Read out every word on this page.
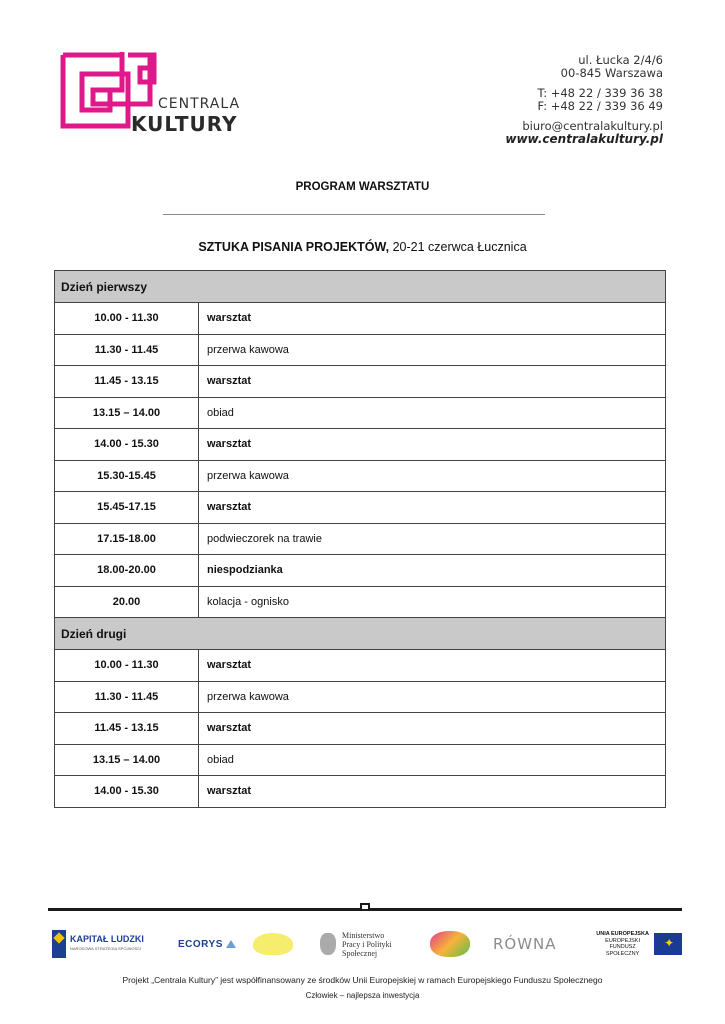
CENTRALA
KULTURY
ul. Łucka 2/4/6
00-845 Warszawa
T: +48 22 / 339 36 38
F: +48 22 / 339 36 49
biuro@centralakultury.pl
www.centralakultury.pl
PROGRAM WARSZTATU
SZTUKA PISANIA PROJEKTÓW, 20-21 czerwca Łucznica
Dzień pierwszy	
10.00 - 11.30	warsztat
11.30 - 11.45	przerwa kawowa
11.45 - 13.15	warsztat
13.15 – 14.00	obiad
14.00 - 15.30	warsztat
15.30-15.45	przerwa kawowa
15.45-17.15	warsztat
17.15-18.00	podwieczorek na trawie
18.00-20.00	niespodzianka
20.00	kolacja - ognisko
Dzień drugi	
10.00 - 11.30	warsztat
11.30 - 11.45	przerwa kawowa
11.45 - 13.15	warsztat
13.15 – 14.00	obiad
14.00 - 15.30	warsztat
KAPITAŁ LUDZKI
NARODOWA STRATEGIA SPÓJNOŚCI	ECORYS
Ministerstwo Pracy i Polityki Społecznej	RÓWNA
UNIA EUROPEJSKA
EUROPEJSKI
FUNDUSZ SPOŁECZNY
✦
Projekt „Centrala Kultury” jest współfinansowany ze środków Unii Europejskiej w ramach Europejskiego Funduszu Społecznego
Człowiek – najlepsza inwestycja
